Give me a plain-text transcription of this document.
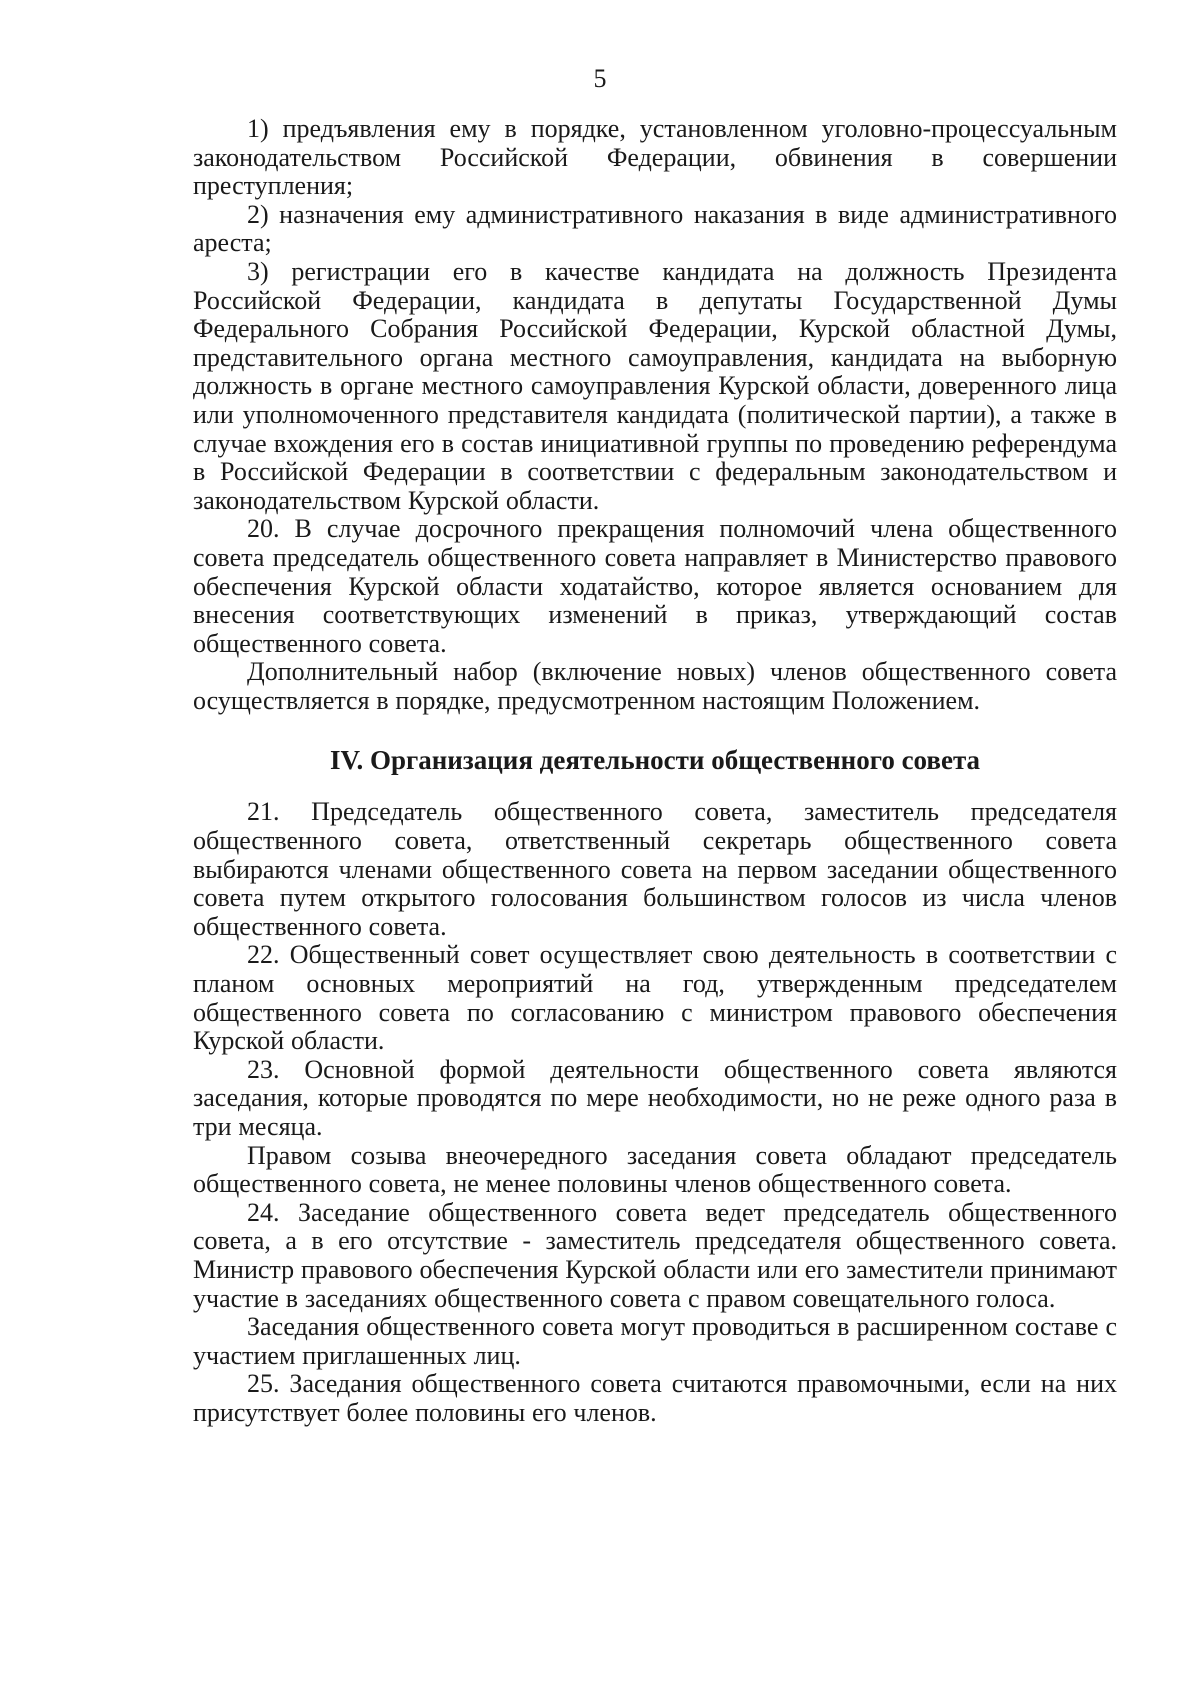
5

1) предъявления ему в порядке, установленном уголовно-процессуальным законодательством Российской Федерации, обвинения в совершении преступления;

2) назначения ему административного наказания в виде административного ареста;

3) регистрации его в качестве кандидата на должность Президента Российской Федерации, кандидата в депутаты Государственной Думы Федерального Собрания Российской Федерации, Курской областной Думы, представительного органа местного самоуправления, кандидата на выборную должность в органе местного самоуправления Курской области, доверенного лица или уполномоченного представителя кандидата (политической партии), а также в случае вхождения его в состав инициативной группы по проведению референдума в Российской Федерации в соответствии с федеральным законодательством и законодательством Курской области.

20. В случае досрочного прекращения полномочий члена общественного совета председатель общественного совета направляет в Министерство правового обеспечения Курской области ходатайство, которое является основанием для внесения соответствующих изменений в приказ, утверждающий состав общественного совета.

Дополнительный набор (включение новых) членов общественного совета осуществляется в порядке, предусмотренном настоящим Положением.

IV. Организация деятельности общественного совета

21. Председатель общественного совета, заместитель председателя общественного совета, ответственный секретарь общественного совета выбираются членами общественного совета на первом заседании общественного совета путем открытого голосования большинством голосов из числа членов общественного совета.

22. Общественный совет осуществляет свою деятельность в соответствии с планом основных мероприятий на год, утвержденным председателем общественного совета по согласованию с министром правового обеспечения Курской области.

23. Основной формой деятельности общественного совета являются заседания, которые проводятся по мере необходимости, но не реже одного раза в три месяца.

Правом созыва внеочередного заседания совета обладают председатель общественного совета, не менее половины членов общественного совета.

24. Заседание общественного совета ведет председатель общественного совета, а в его отсутствие - заместитель председателя общественного совета. Министр правового обеспечения Курской области или его заместители принимают участие в заседаниях общественного совета с правом совещательного голоса.

Заседания общественного совета могут проводиться в расширенном составе с участием приглашенных лиц.

25. Заседания общественного совета считаются правомочными, если на них присутствует более половины его членов.
